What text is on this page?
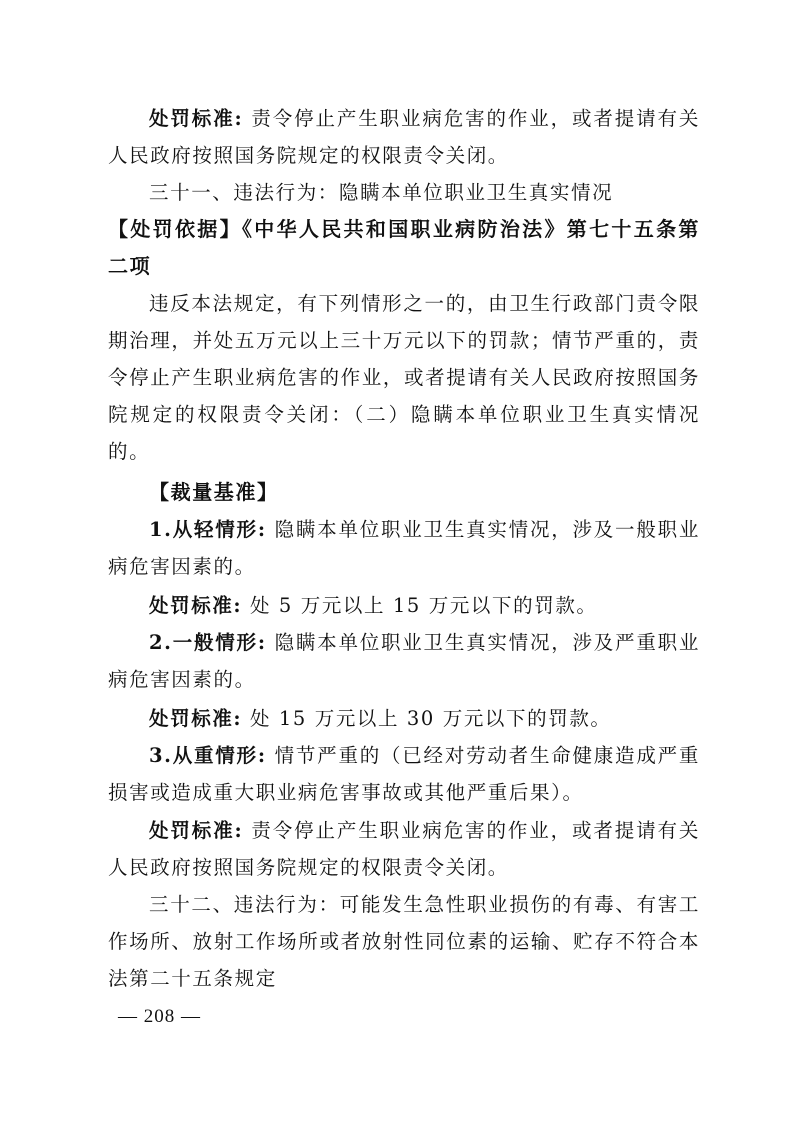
处罚标准: 责令停止产生职业病危害的作业，或者提请有关人民政府按照国务院规定的权限责令关闭。

三十一、违法行为：隐瞒本单位职业卫生真实情况

【处罚依据】《中华人民共和国职业病防治法》第七十五条第二项

违反本法规定，有下列情形之一的，由卫生行政部门责令限期治理，并处五万元以上三十万元以下的罚款；情节严重的，责令停止产生职业病危害的作业，或者提请有关人民政府按照国务院规定的权限责令关闭：（二）隐瞒本单位职业卫生真实情况的。

【裁量基准】

1.从轻情形: 隐瞒本单位职业卫生真实情况，涉及一般职业病危害因素的。

处罚标准: 处 5 万元以上 15 万元以下的罚款。

2.一般情形: 隐瞒本单位职业卫生真实情况，涉及严重职业病危害因素的。

处罚标准: 处 15 万元以上 30 万元以下的罚款。

3.从重情形: 情节严重的（已经对劳动者生命健康造成严重损害或造成重大职业病危害事故或其他严重后果）。

处罚标准: 责令停止产生职业病危害的作业，或者提请有关人民政府按照国务院规定的权限责令关闭。

三十二、违法行为：可能发生急性职业损伤的有毒、有害工作场所、放射工作场所或者放射性同位素的运输、贮存不符合本法第二十五条规定

— 208 —
